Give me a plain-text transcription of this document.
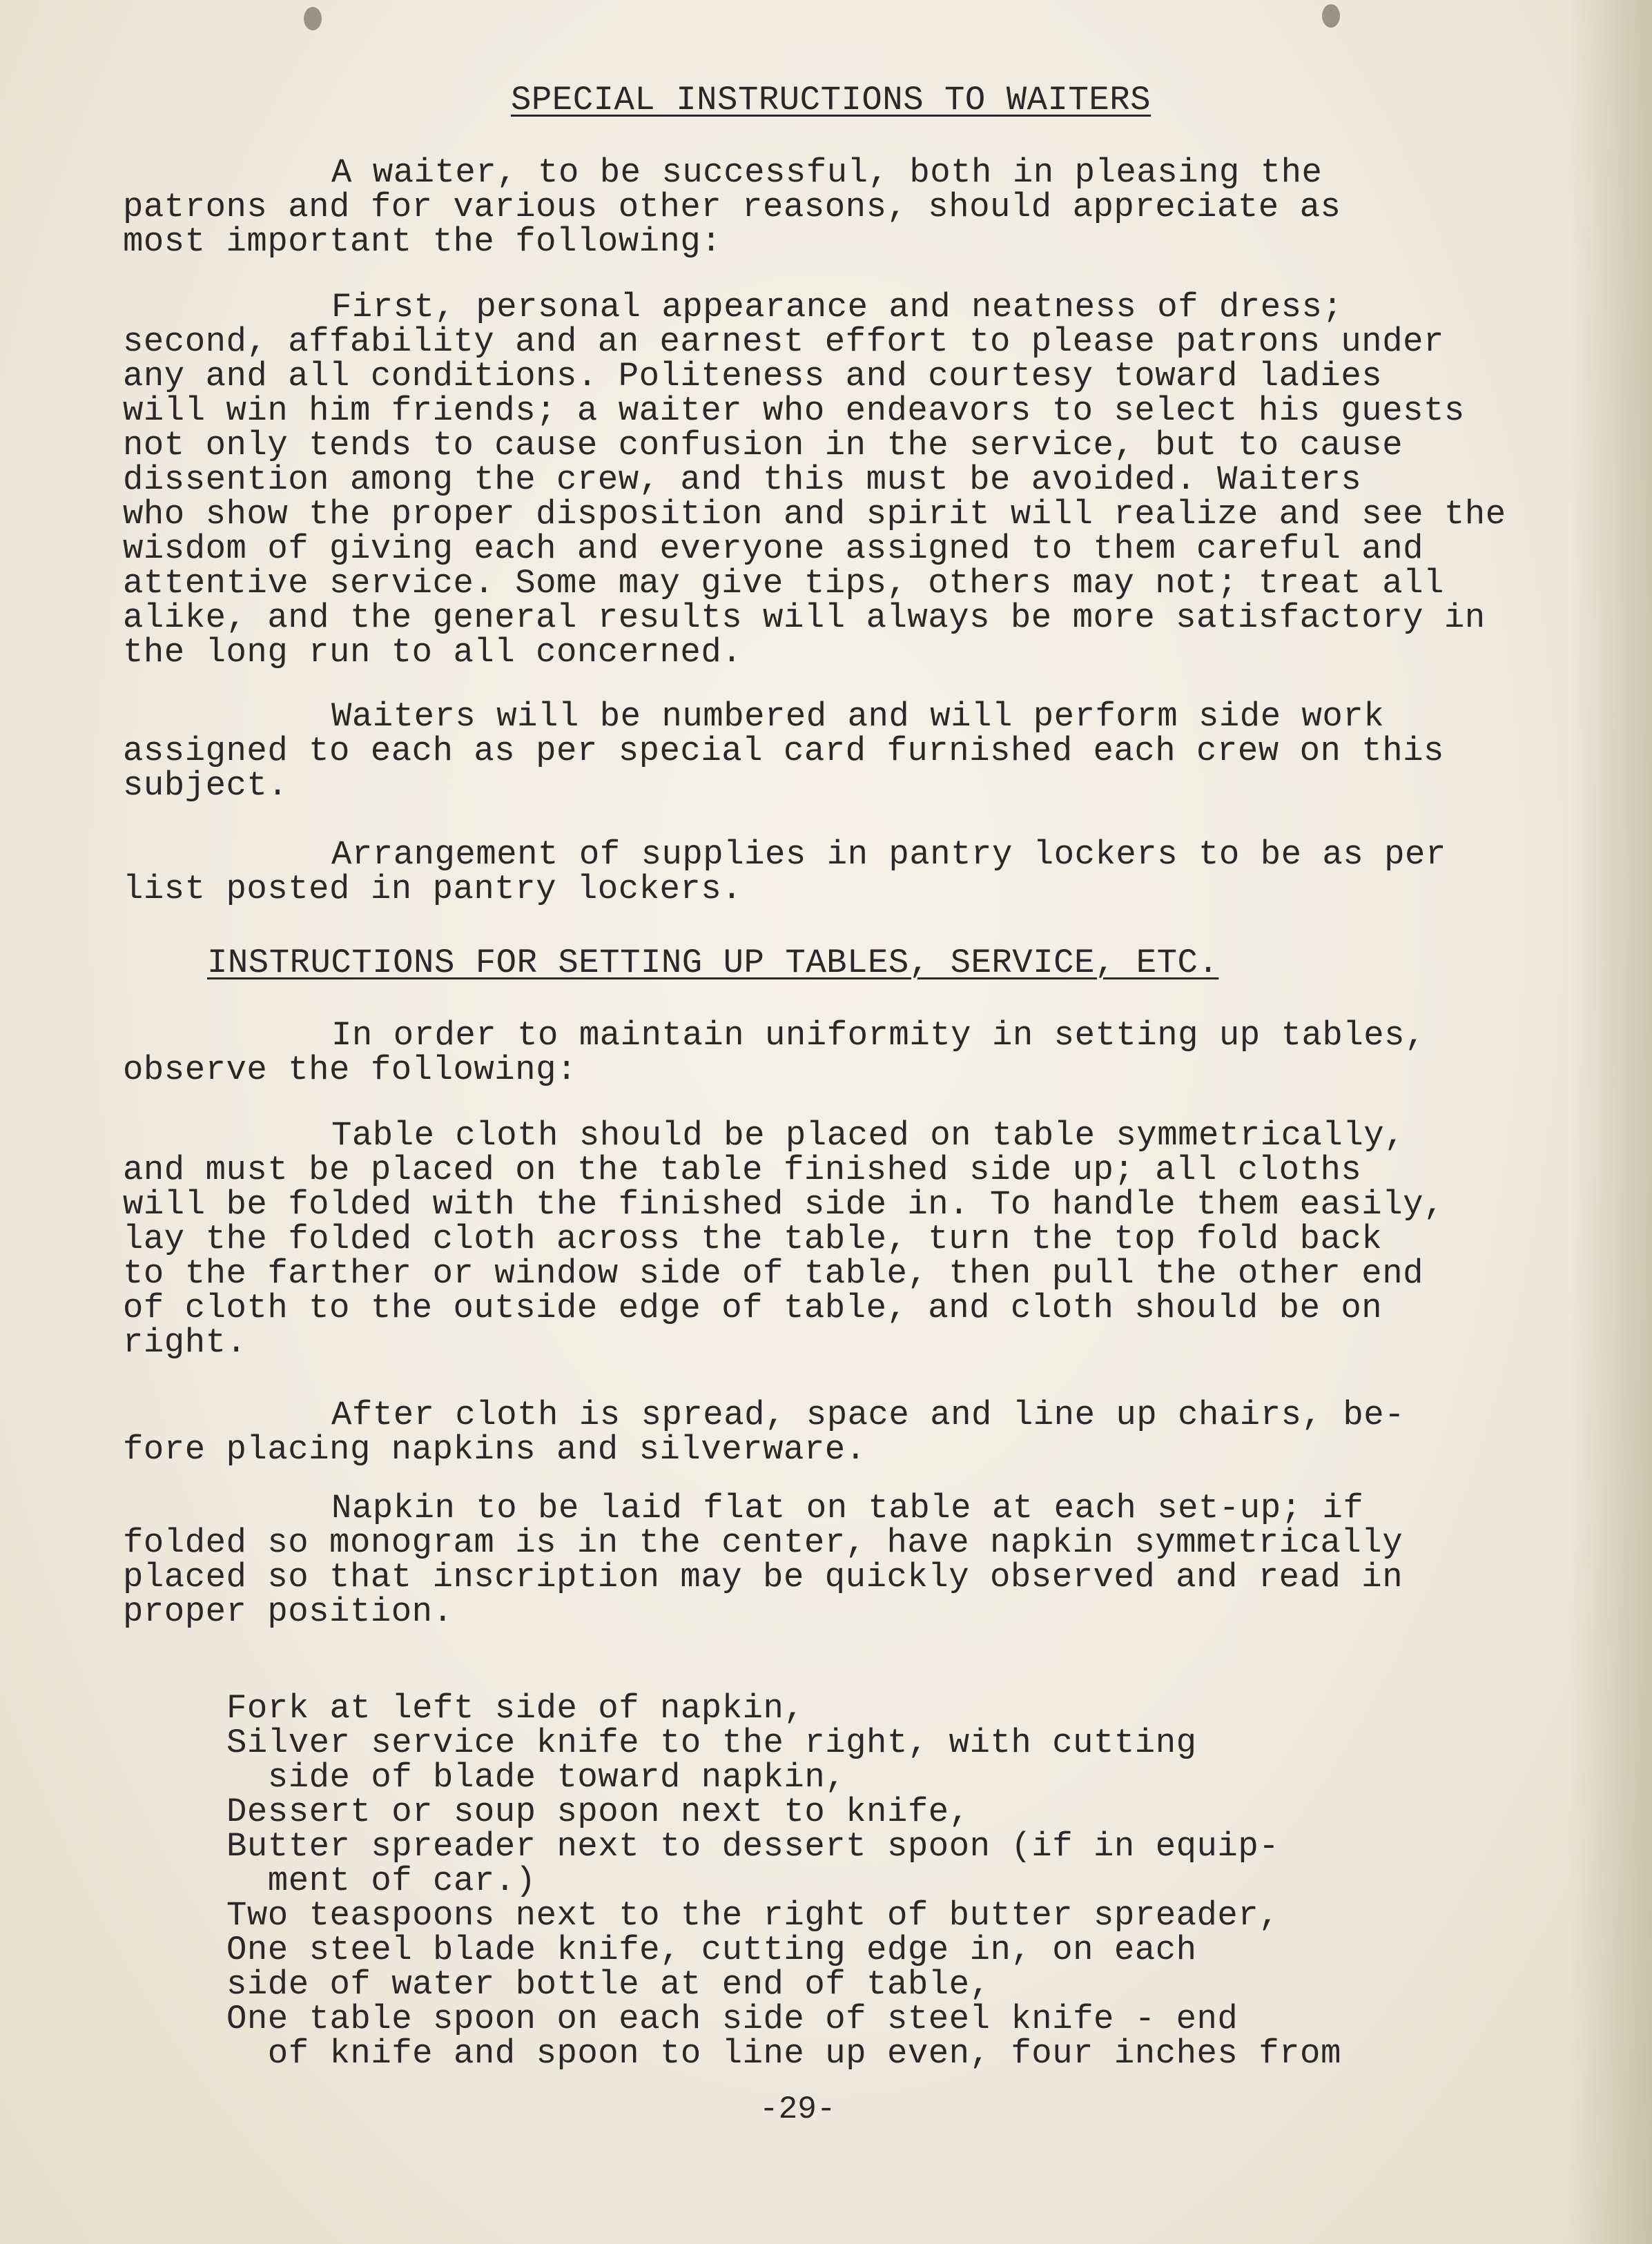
SPECIAL INSTRUCTIONS TO WAITERS
A waiter, to be successful, both in pleasing the
patrons and for various other reasons, should appreciate as
most important the following:
First, personal appearance and neatness of dress;
second, affability and an earnest effort to please patrons under
any and all conditions. Politeness and courtesy toward ladies
will win him friends; a waiter who endeavors to select his guests
not only tends to cause confusion in the service, but to cause
dissention among the crew, and this must be avoided. Waiters
who show the proper disposition and spirit will realize and see the
wisdom of giving each and everyone assigned to them careful and
attentive service. Some may give tips, others may not; treat all
alike, and the general results will always be more satisfactory in
the long run to all concerned.
Waiters will be numbered and will perform side work
assigned to each as per special card furnished each crew on this
subject.
Arrangement of supplies in pantry lockers to be as per
list posted in pantry lockers.
INSTRUCTIONS FOR SETTING UP TABLES, SERVICE, ETC.
In order to maintain uniformity in setting up tables,
observe the following:
Table cloth should be placed on table symmetrically,
and must be placed on the table finished side up; all cloths
will be folded with the finished side in. To handle them easily,
lay the folded cloth across the table, turn the top fold back
to the farther or window side of table, then pull the other end
of cloth to the outside edge of table, and cloth should be on
right.
After cloth is spread, space and line up chairs, be-
fore placing napkins and silverware.
Napkin to be laid flat on table at each set-up; if
folded so monogram is in the center, have napkin symmetrically
placed so that inscription may be quickly observed and read in
proper position.
Fork at left side of napkin,
Silver service knife to the right, with cutting
side of blade toward napkin,
Dessert or soup spoon next to knife,
Butter spreader next to dessert spoon (if in equip-
ment of car.)
Two teaspoons next to the right of butter spreader,
One steel blade knife, cutting edge in, on each
side of water bottle at end of table,
One table spoon on each side of steel knife - end
of knife and spoon to line up even, four inches from
-29-
